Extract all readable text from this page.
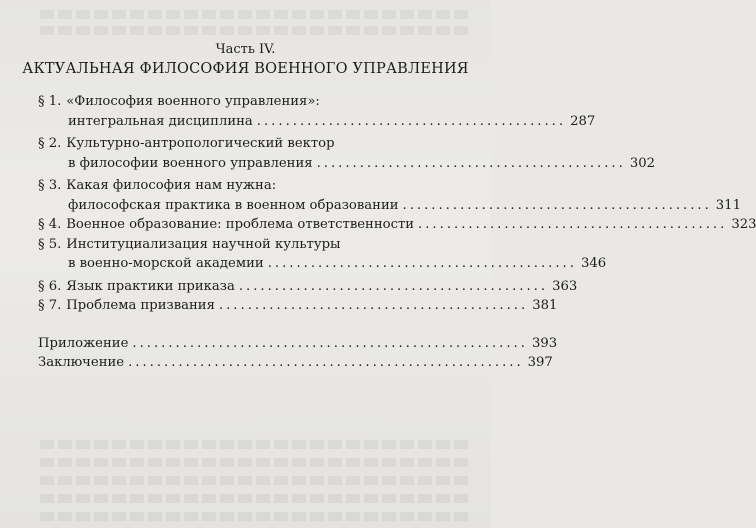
Часть IV.
АКТУАЛЬНАЯ ФИЛОСОФИЯ ВОЕННОГО УПРАВЛЕНИЯ
§ 1. «Философия военного управления»:
интегральная дисциплина ........................................... 287
§ 2. Культурно-антропологический вектор
в философии военного управления ........................................... 302
§ 3. Какая философия нам нужна:
философская практика в военном образовании ........................................... 311
§ 4. Военное образование: проблема ответственности ........................................... 323
§ 5. Институциализация научной культуры
в военно-морской академии ........................................... 346
§ 6. Язык практики приказа ........................................... 363
§ 7. Проблема призвания ........................................... 381
Приложение ....................................................... 393
Заключение ....................................................... 397
